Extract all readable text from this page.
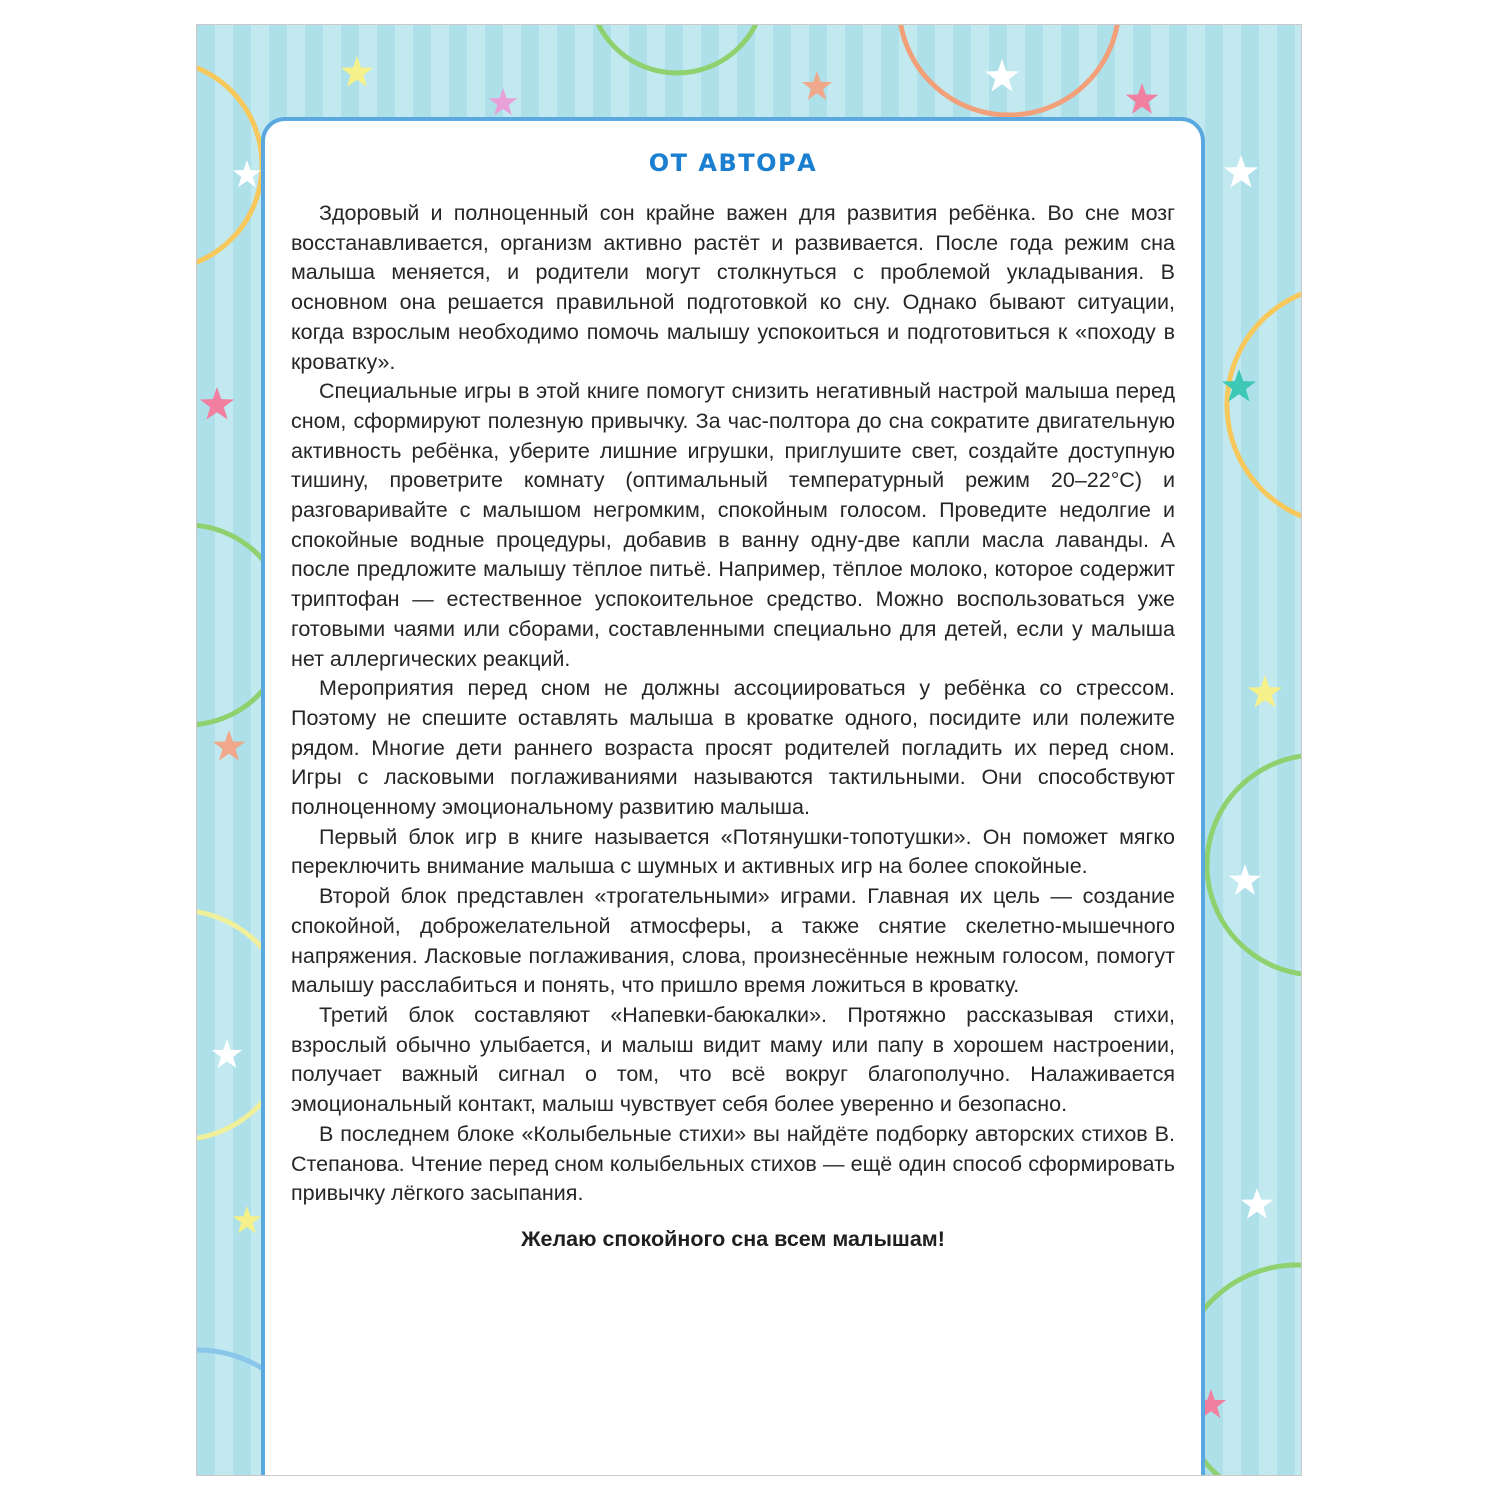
ОТ АВТОРА

Здоровый и полноценный сон крайне важен для развития ребёнка. Во сне мозг восстанавливается, организм активно растёт и развивается. После года режим сна малыша меняется, и родители могут столкнуться с проблемой укладывания. В основном она решается правильной подготовкой ко сну. Однако бывают ситуации, когда взрослым необходимо помочь малышу успокоиться и подготовиться к «походу в кроватку».

Специальные игры в этой книге помогут снизить негативный настрой малыша перед сном, сформируют полезную привычку. За час-полтора до сна сократите двигательную активность ребёнка, уберите лишние игрушки, приглушите свет, создайте доступную тишину, проветрите комнату (оптимальный температурный режим 20–22°С) и разговаривайте с малышом негромким, спокойным голосом. Проведите недолгие и спокойные водные процедуры, добавив в ванну одну-две капли масла лаванды. А после предложите малышу тёплое питьё. Например, тёплое молоко, которое содержит триптофан — естественное успокоительное средство. Можно воспользоваться уже готовыми чаями или сборами, составленными специально для детей, если у малыша нет аллергических реакций.

Мероприятия перед сном не должны ассоциироваться у ребёнка со стрессом. Поэтому не спешите оставлять малыша в кроватке одного, посидите или полежите рядом. Многие дети раннего возраста просят родителей погладить их перед сном. Игры с ласковыми поглаживаниями называются тактильными. Они способствуют полноценному эмоциональному развитию малыша.

Первый блок игр в книге называется «Потянушки-топотушки». Он поможет мягко переключить внимание малыша с шумных и активных игр на более спокойные.

Второй блок представлен «трогательными» играми. Главная их цель — создание спокойной, доброжелательной атмосферы, а также снятие скелетно-мышечного напряжения. Ласковые поглаживания, слова, произнесённые нежным голосом, помогут малышу расслабиться и понять, что пришло время ложиться в кроватку.

Третий блок составляют «Напевки-баюкалки». Протяжно рассказывая стихи, взрослый обычно улыбается, и малыш видит маму или папу в хорошем настроении, получает важный сигнал о том, что всё вокруг благополучно. Налаживается эмоциональный контакт, малыш чувствует себя более уверенно и безопасно.

В последнем блоке «Колыбельные стихи» вы найдёте подборку авторских стихов В. Степанова. Чтение перед сном колыбельных стихов — ещё один способ сформировать привычку лёгкого засыпания.

Желаю спокойного сна всем малышам!
